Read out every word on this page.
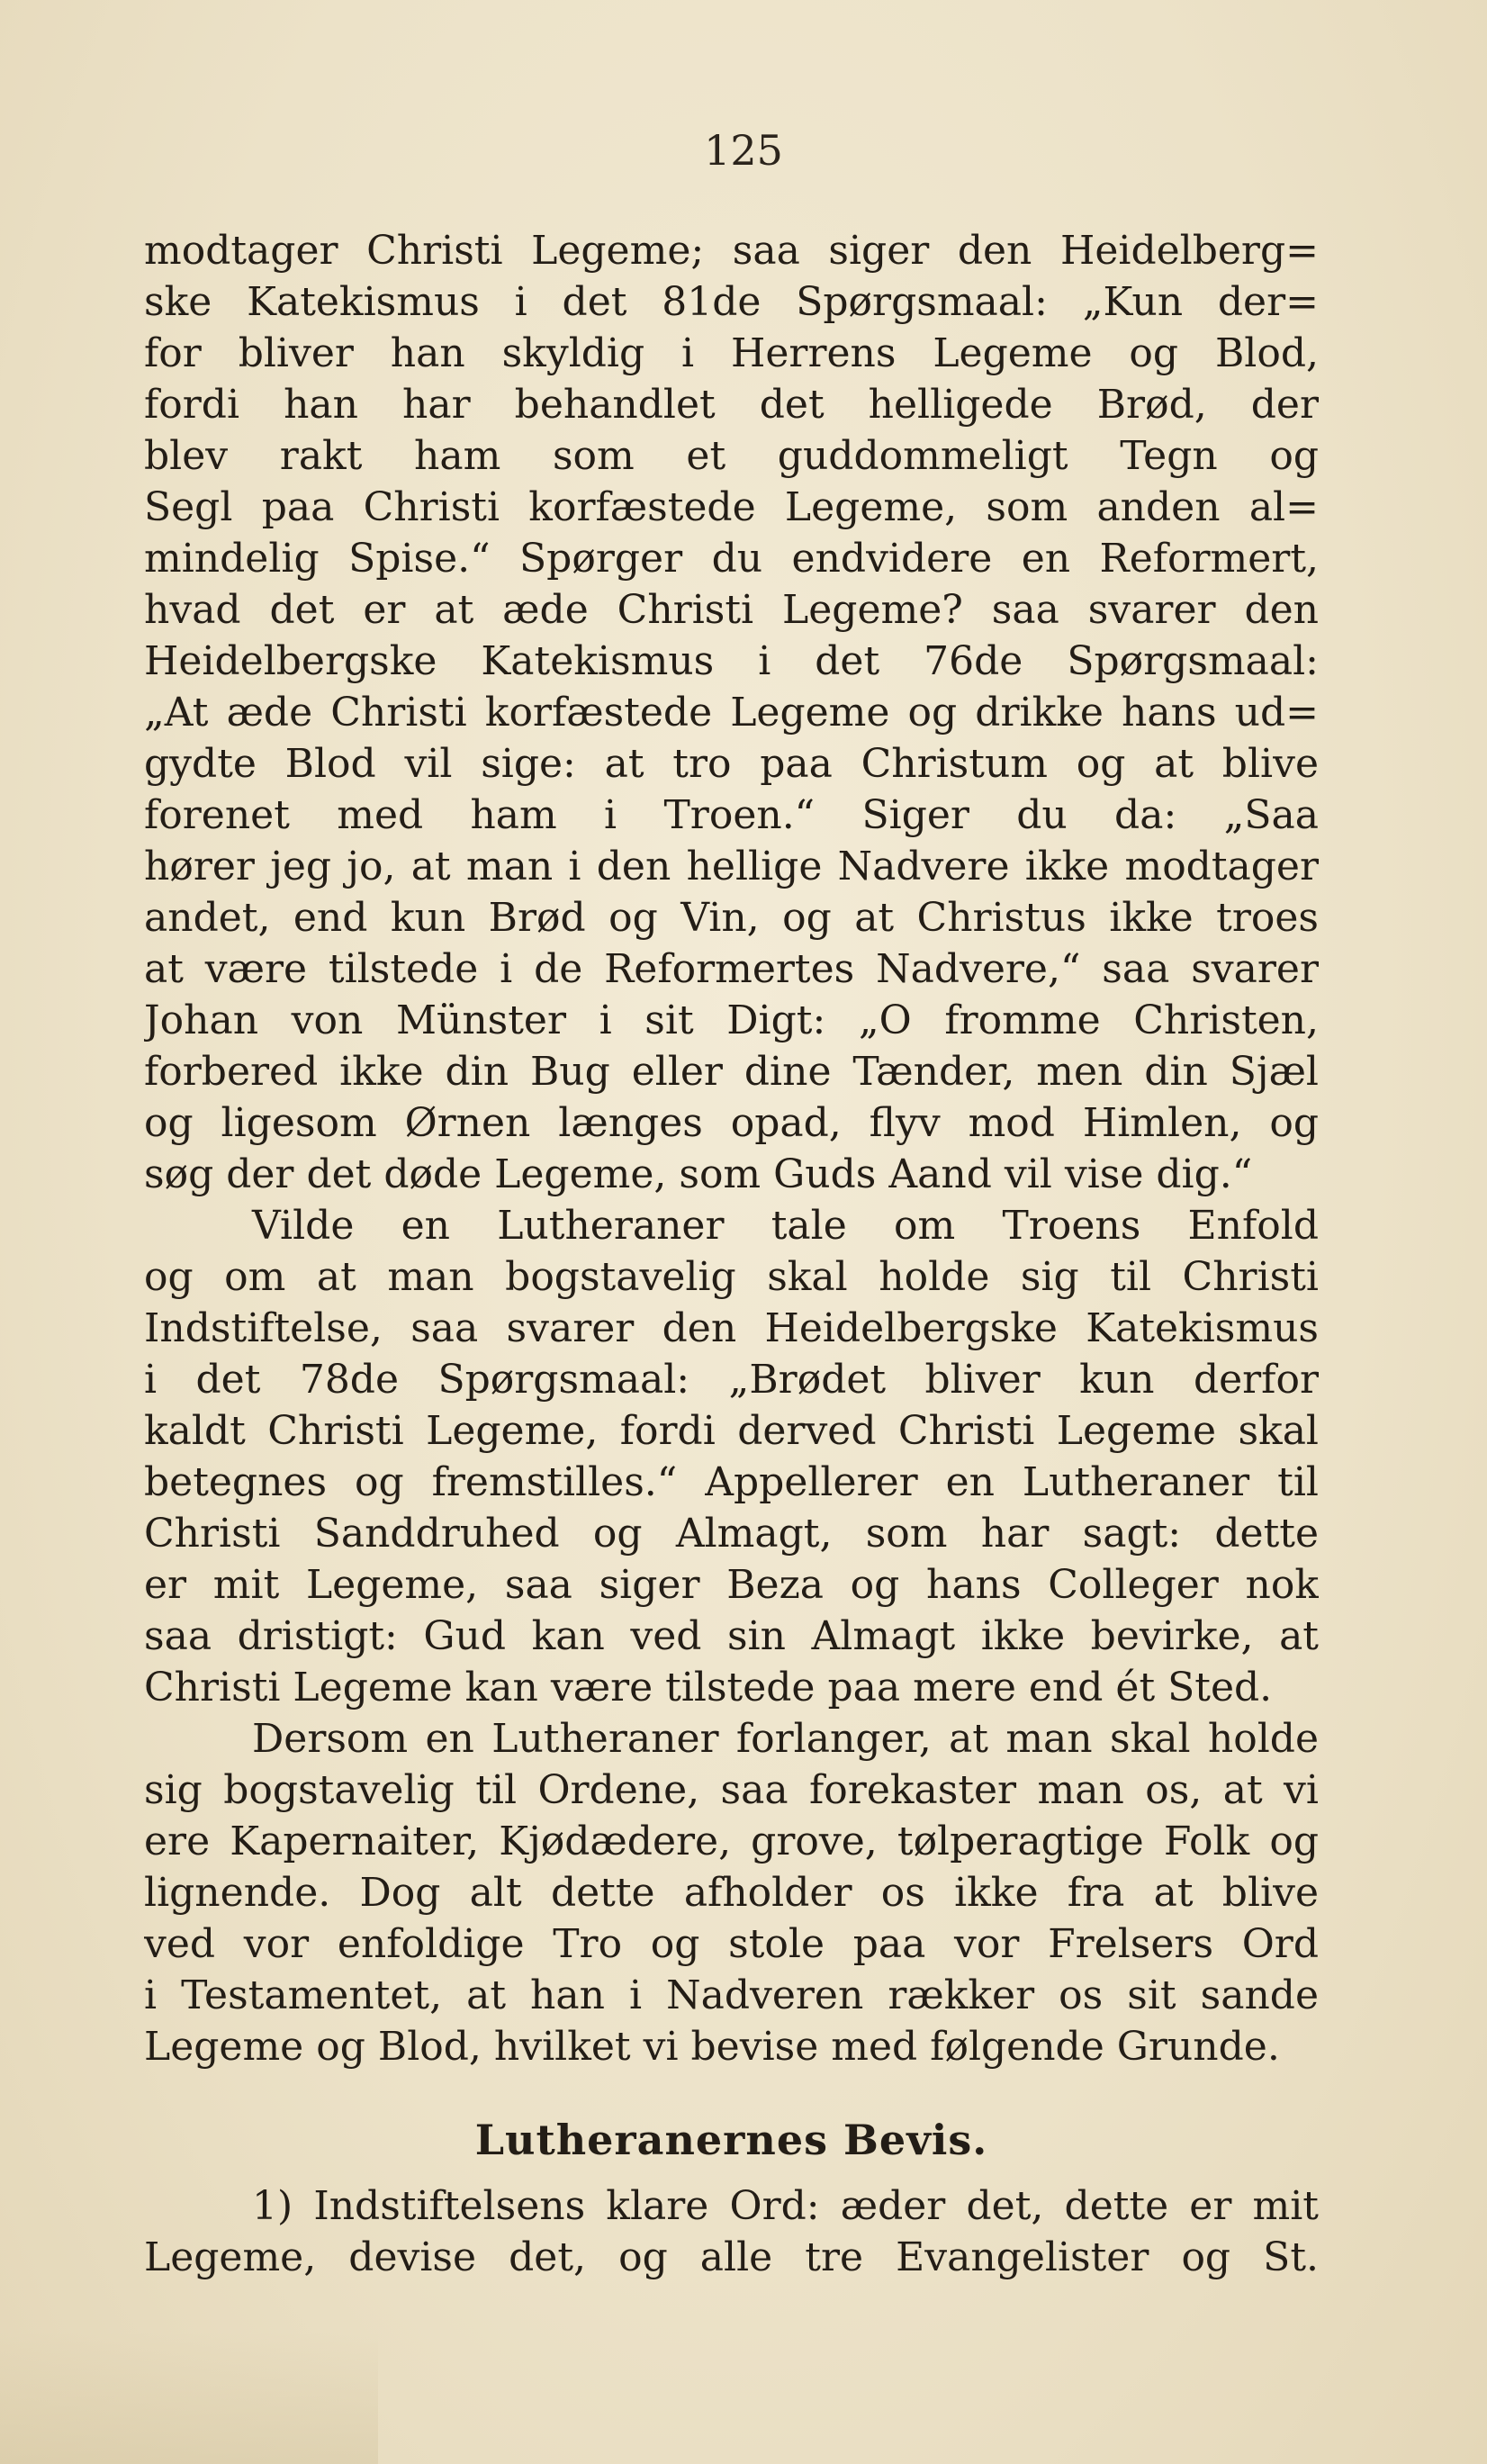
125
modtager Christi Legeme; saa siger den Heidelberg=
ske Katekismus i det 81de Spørgsmaal: „Kun der=
for bliver han skyldig i Herrens Legeme og Blod,
fordi han har behandlet det helligede Brød, der
blev rakt ham som et guddommeligt Tegn og
Segl paa Christi korfæstede Legeme, som anden al=
mindelig Spise.“ Spørger du endvidere en Reformert,
hvad det er at æde Christi Legeme? saa svarer den
Heidelbergske Katekismus i det 76de Spørgsmaal:
„At æde Christi korfæstede Legeme og drikke hans ud=
gydte Blod vil sige: at tro paa Christum og at blive
forenet med ham i Troen.“ Siger du da: „Saa
hører jeg jo, at man i den hellige Nadvere ikke modtager
andet, end kun Brød og Vin, og at Christus ikke troes
at være tilstede i de Reformertes Nadvere,“ saa svarer
Johan von Münster i sit Digt: „O fromme Christen,
forbered ikke din Bug eller dine Tænder, men din Sjæl
og ligesom Ørnen længes opad, flyv mod Himlen, og
søg der det døde Legeme, som Guds Aand vil vise dig.“
Vilde en Lutheraner tale om Troens Enfold
og om at man bogstavelig skal holde sig til Christi
Indstiftelse, saa svarer den Heidelbergske Katekismus
i det 78de Spørgsmaal: „Brødet bliver kun derfor
kaldt Christi Legeme, fordi derved Christi Legeme skal
betegnes og fremstilles.“ Appellerer en Lutheraner til
Christi Sanddruhed og Almagt, som har sagt: dette
er mit Legeme, saa siger Beza og hans Colleger nok
saa dristigt: Gud kan ved sin Almagt ikke bevirke, at
Christi Legeme kan være tilstede paa mere end ét Sted.
Dersom en Lutheraner forlanger, at man skal holde
sig bogstavelig til Ordene, saa forekaster man os, at vi
ere Kapernaiter, Kjødædere, grove, tølperagtige Folk og
lignende. Dog alt dette afholder os ikke fra at blive
ved vor enfoldige Tro og stole paa vor Frelsers Ord
i Testamentet, at han i Nadveren rækker os sit sande
Legeme og Blod, hvilket vi bevise med følgende Grunde.
Lutheranernes Bevis.
1) Indstiftelsens klare Ord: æder det, dette er mit
Legeme, devise det, og alle tre Evangelister og St.
